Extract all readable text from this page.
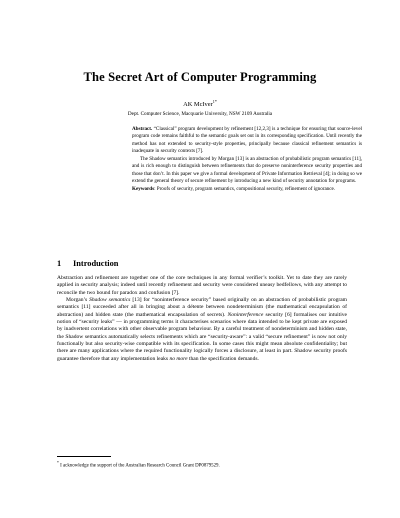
The Secret Art of Computer Programming
AK McIver$^{1*}$
Dept. Computer Science, Macquarie University, NSW 2109 Australia

Abstract. “Classical” program development by refinement [12,2,3] is a technique for ensuring that source-level program code remains faithful to the semantic goals set out in its corresponding specification. Until recently the method has not extended to security-style properties, principally because classical refinement semantics is inadequate in security contexts [7].

The Shadow semantics introduced by Morgan [13] is an abstraction of probabilistic program semantics [11], and is rich enough to distinguish between refinements that do preserve noninterference security properties and those that don’t. In this paper we give a formal development of Private Information Retrieval [4]; in doing so we extend the general theory of secure refinement by introducing a new kind of security annotation for programs.

Keywords: Proofs of security, program semantics, compositional security, refinement of ignorance.

1 Introduction

Abstraction and refinement are together one of the core techniques in any formal verifier’s toolkit. Yet to date they are rarely applied in security analysis; indeed until recently refinement and security were considered uneasy bedfellows, with any attempt to reconcile the two bound for paradox and confusion [7].

Morgan’s Shadow semantics [13] for “noninterference security” based originally on an abstraction of probabilistic program semantics [11] succeeded after all in bringing about a détente between nondeterminism (the mathematical encapsulation of abstraction) and hidden state (the mathematical encapsulation of secrets). Noninterference security [6] formalises our intuitive notion of “security leaks” — in programming terms it characterises scenarios where data intended to be kept private are exposed by inadvertent correlations with other observable program behaviour. By a careful treatment of nondeterminism and hidden state, the Shadow semantics automatically selects refinements which are “security-aware”: a valid “secure refinement” is now not only functionally but also security-wise compatible with its specification. In some cases this might mean absolute confidentiality; but there are many applications where the required functionality logically forces a disclosure, at least in part. Shadow security proofs guarantee therefore that any implementation leaks no more than the specification demands.

* I acknowledge the support of the Australian Research Council Grant DP0879529.
